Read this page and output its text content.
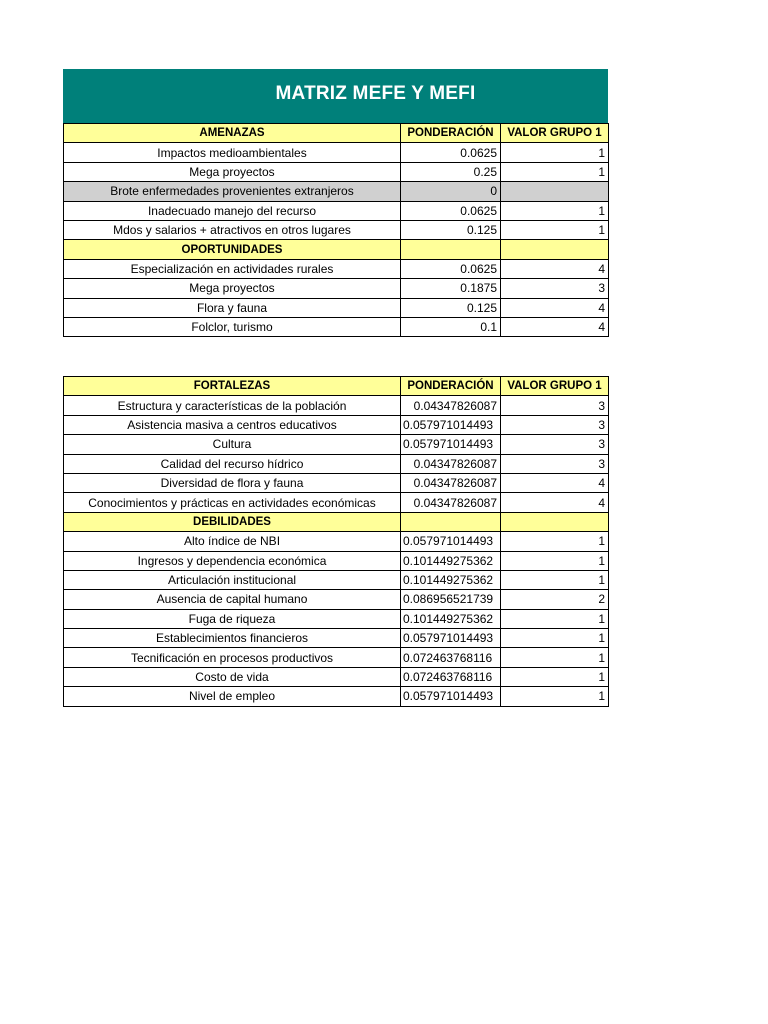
MATRIZ MEFE Y MEFI
AMENAZAS	PONDERACIÓN	VALOR GRUPO 1
Impactos medioambientales	0.0625	1
Mega proyectos	0.25	1
Brote enfermedades provenientes extranjeros	0	
Inadecuado manejo del recurso	0.0625	1
Mdos y salarios + atractivos en otros lugares	0.125	1
OPORTUNIDADES		
Especialización en actividades rurales	0.0625	4
Mega proyectos	0.1875	3
Flora y fauna	0.125	4
Folclor, turismo	0.1	4
FORTALEZAS	PONDERACIÓN	VALOR GRUPO 1
Estructura y características de la población	0.04347826087	3
Asistencia masiva a centros educativos	0.057971014493	3
Cultura	0.057971014493	3
Calidad del recurso hídrico	0.04347826087	3
Diversidad de flora y fauna	0.04347826087	4
Conocimientos y prácticas en actividades económicas	0.04347826087	4
DEBILIDADES		
Alto índice de NBI	0.057971014493	1
Ingresos y dependencia económica	0.101449275362	1
Articulación institucional	0.101449275362	1
Ausencia de capital humano	0.086956521739	2
Fuga de riqueza	0.101449275362	1
Establecimientos financieros	0.057971014493	1
Tecnificación en procesos productivos	0.072463768116	1
Costo de vida	0.072463768116	1
Nivel de empleo	0.057971014493	1
